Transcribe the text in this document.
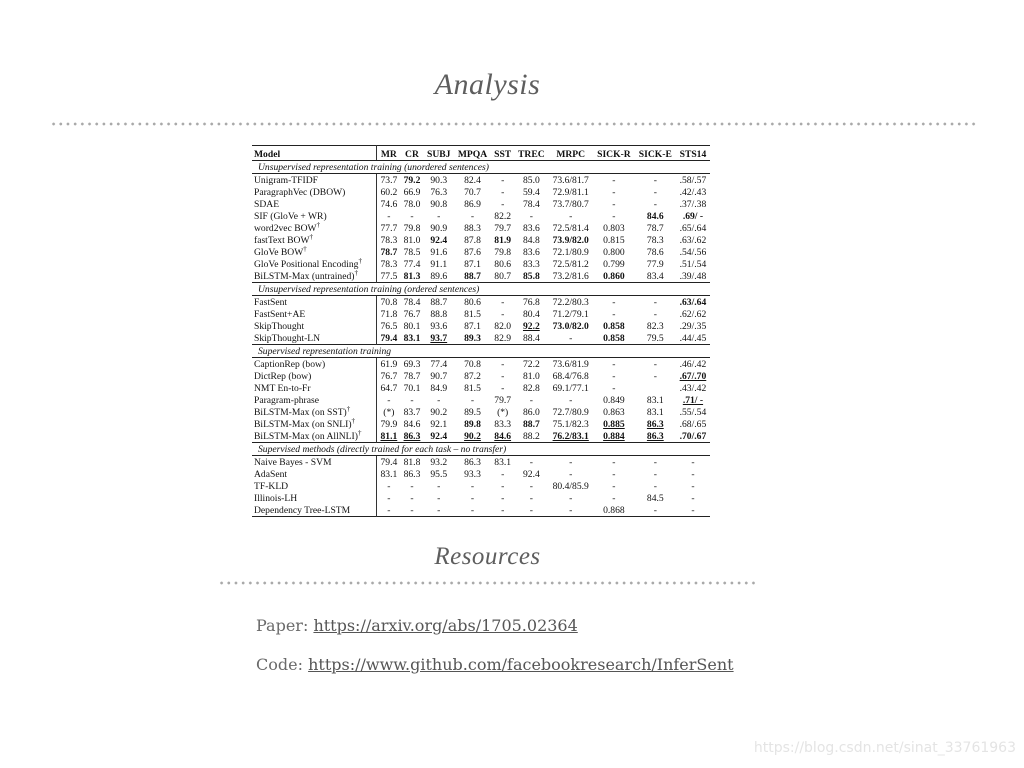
Analysis
Model	MR	CR	SUBJ	MPQA	SST	TREC	MRPC	SICK-R	SICK-E	STS14
Unsupervised representation training (unordered sentences)										
Unigram-TFIDF	73.7	79.2	90.3	82.4	-	85.0	73.6/81.7	-	-	.58/.57
ParagraphVec (DBOW)	60.2	66.9	76.3	70.7	-	59.4	72.9/81.1	-	-	.42/.43
SDAE	74.6	78.0	90.8	86.9	-	78.4	73.7/80.7	-	-	.37/.38
SIF (GloVe + WR)	-	-	-	-	82.2	-	-	-	84.6	.69/ -
word2vec BOW†	77.7	79.8	90.9	88.3	79.7	83.6	72.5/81.4	0.803	78.7	.65/.64
fastText BOW†	78.3	81.0	92.4	87.8	81.9	84.8	73.9/82.0	0.815	78.3	.63/.62
GloVe BOW†	78.7	78.5	91.6	87.6	79.8	83.6	72.1/80.9	0.800	78.6	.54/.56
GloVe Positional Encoding†	78.3	77.4	91.1	87.1	80.6	83.3	72.5/81.2	0.799	77.9	.51/.54
BiLSTM-Max (untrained)†	77.5	81.3	89.6	88.7	80.7	85.8	73.2/81.6	0.860	83.4	.39/.48
Unsupervised representation training (ordered sentences)										
FastSent	70.8	78.4	88.7	80.6	-	76.8	72.2/80.3	-	-	.63/.64
FastSent+AE	71.8	76.7	88.8	81.5	-	80.4	71.2/79.1	-	-	.62/.62
SkipThought	76.5	80.1	93.6	87.1	82.0	92.2	73.0/82.0	0.858	82.3	.29/.35
SkipThought-LN	79.4	83.1	93.7	89.3	82.9	88.4	-	0.858	79.5	.44/.45
Supervised representation training										
CaptionRep (bow)	61.9	69.3	77.4	70.8	-	72.2	73.6/81.9	-	-	.46/.42
DictRep (bow)	76.7	78.7	90.7	87.2	-	81.0	68.4/76.8	-	-	.67/.70
NMT En-to-Fr	64.7	70.1	84.9	81.5	-	82.8	69.1/77.1	-		.43/.42
Paragram-phrase	-	-	-	-	79.7	-	-	0.849	83.1	.71/ -
BiLSTM-Max (on SST)†	(*)	83.7	90.2	89.5	(*)	86.0	72.7/80.9	0.863	83.1	.55/.54
BiLSTM-Max (on SNLI)†	79.9	84.6	92.1	89.8	83.3	88.7	75.1/82.3	0.885	86.3	.68/.65
BiLSTM-Max (on AllNLI)†	81.1	86.3	92.4	90.2	84.6	88.2	76.2/83.1	0.884	86.3	.70/.67
Supervised methods (directly trained for each task – no transfer)										
Naive Bayes - SVM	79.4	81.8	93.2	86.3	83.1	-	-	-	-	-
AdaSent	83.1	86.3	95.5	93.3	-	92.4	-	-	-	-
TF-KLD	-	-	-	-	-	-	80.4/85.9	-	-	-
Illinois-LH	-	-	-	-	-	-	-	-	84.5	-
Dependency Tree-LSTM	-	-	-	-	-	-	-	0.868	-	-
Resources
Paper: https://arxiv.org/abs/1705.02364
Code: https://www.github.com/facebookresearch/InferSent
https://blog.csdn.net/sinat_33761963
